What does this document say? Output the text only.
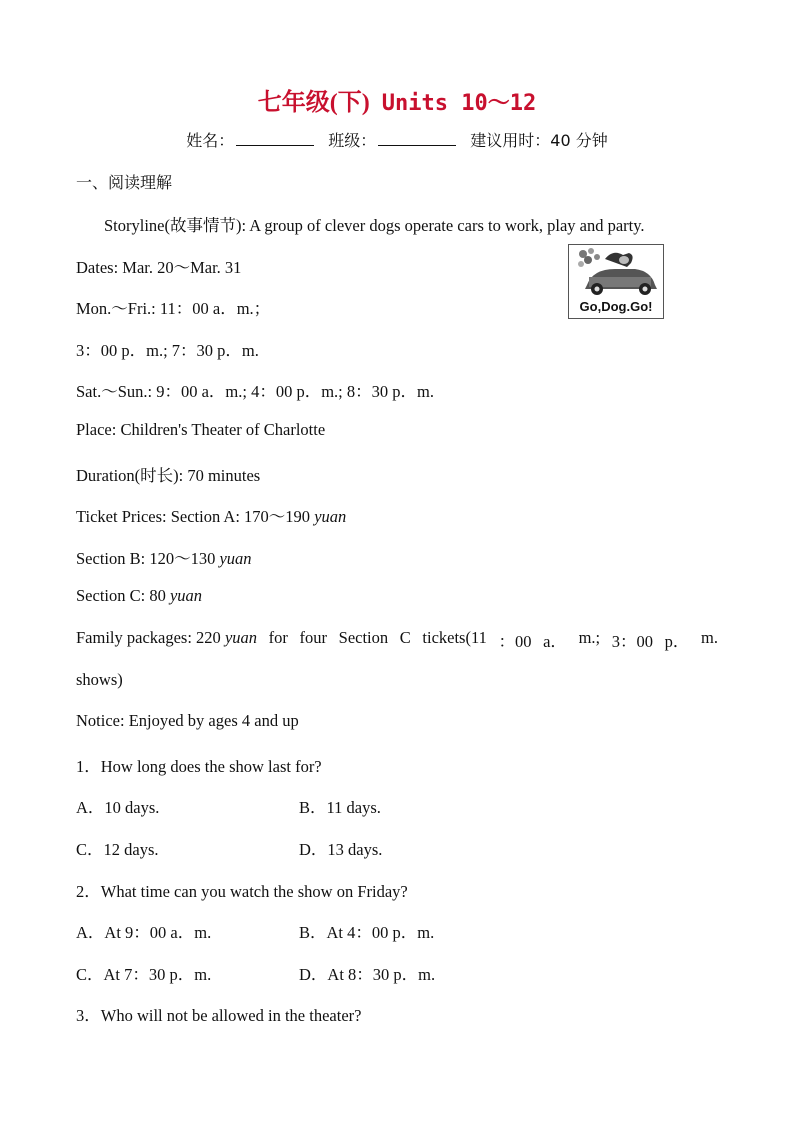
七年级(下) Units 10～12
姓名：	班级：	建议用时：40 分钟
一、阅读理解
Storyline(故事情节): A group of clever dogs operate cars to work, play and party.
Dates: Mar. 20～Mar. 31
Mon.～Fri.: 11：00 a．m.；
3：00 p．m.; 7：30 p．m.
Sat.～Sun.: 9：00 a．m.; 4：00 p．m.; 8：30 p．m.
Place: Children's Theater of Charlotte
Duration(时长): 70 minutes
Ticket Prices: Section A: 170～190 yuan
Section B: 120～130 yuan
Section C: 80 yuan
Family packages: 220 yuan for four Section C tickets(11 ：00 a． m.; 3：00 p． m.
shows)
Notice: Enjoyed by ages 4 and up
Go,Dog.Go!
1．How long does the show last for?
A．10 days.	B．11 days.
C．12 days.	D．13 days.
2．What time can you watch the show on Friday?
A．At 9：00 a．m.	B．At 4：00 p．m.
C．At 7：30 p．m.	D．At 8：30 p．m.
3．Who will not be allowed in the theater?
